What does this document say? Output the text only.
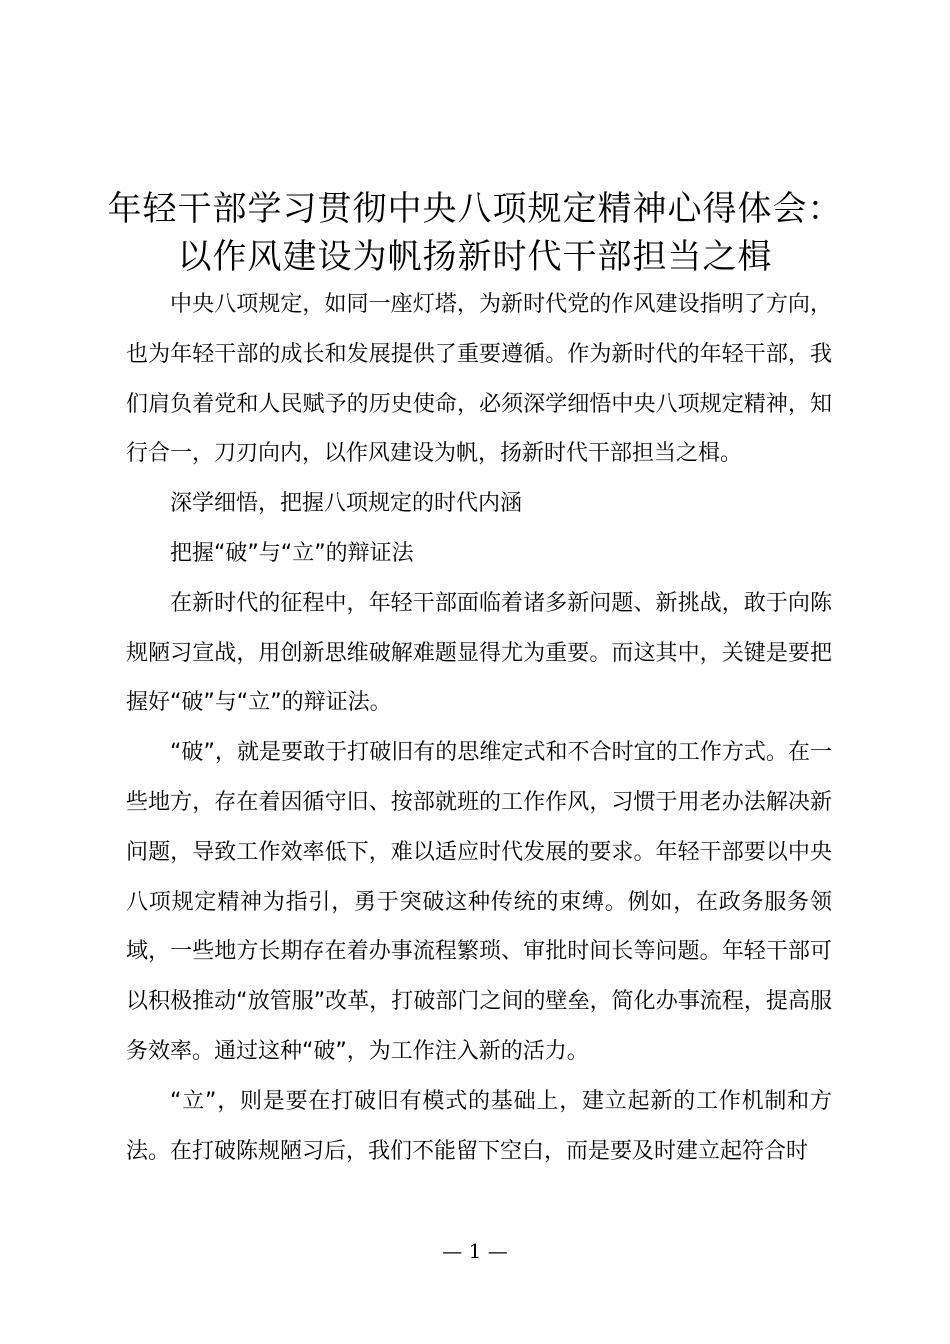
年轻干部学习贯彻中央八项规定精神心得体会：
以作风建设为帆扬新时代干部担当之楫

中央八项规定，如同一座灯塔，为新时代党的作风建设指明了方向，也为年轻干部的成长和发展提供了重要遵循。作为新时代的年轻干部，我们肩负着党和人民赋予的历史使命，必须深学细悟中央八项规定精神，知行合一，刀刃向内，以作风建设为帆，扬新时代干部担当之楫。

深学细悟，把握八项规定的时代内涵

把握“破”与“立”的辩证法

在新时代的征程中，年轻干部面临着诸多新问题、新挑战，敢于向陈规陋习宣战，用创新思维破解难题显得尤为重要。而这其中，关键是要把握好“破”与“立”的辩证法。

“破”，就是要敢于打破旧有的思维定式和不合时宜的工作方式。在一些地方，存在着因循守旧、按部就班的工作作风，习惯于用老办法解决新问题，导致工作效率低下，难以适应时代发展的要求。年轻干部要以中央八项规定精神为指引，勇于突破这种传统的束缚。例如，在政务服务领域，一些地方长期存在着办事流程繁琐、审批时间长等问题。年轻干部可以积极推动“放管服”改革，打破部门之间的壁垒，简化办事流程，提高服务效率。通过这种“破”，为工作注入新的活力。

“立”，则是要在打破旧有模式的基础上，建立起新的工作机制和方法。在打破陈规陋习后，我们不能留下空白，而是要及时建立起符合时

— 1 —
